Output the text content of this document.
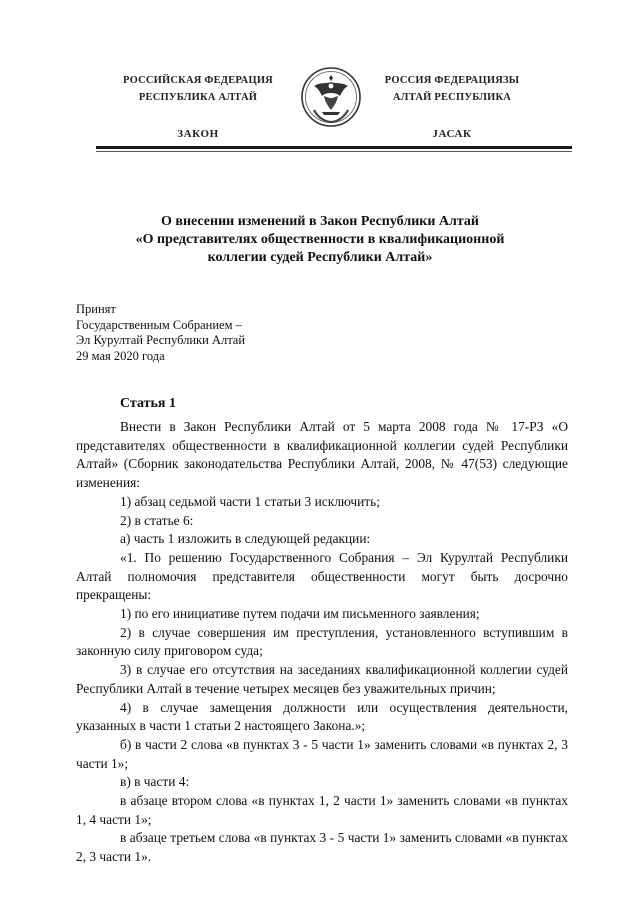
РОССИЙСКАЯ ФЕДЕРАЦИЯ
РЕСПУБЛИКА АЛТАЙ
ЗАКОН
РОССИЯ ФЕДЕРАЦИЯЗЫ
АЛТАЙ РЕСПУБЛИКА
JАСАК
О внесении изменений в Закон Республики Алтай
«О представителях общественности в квалификационной
коллегии судей Республики Алтай»
Принят
Государственным Собранием –
Эл Курултай Республики Алтай
29 мая 2020 года
Статья 1

Внести в Закон Республики Алтай от 5 марта 2008 года № 17-РЗ «О представителях общественности в квалификационной коллегии судей Республики Алтай» (Сборник законодательства Республики Алтай, 2008, № 47(53) следующие изменения:

1) абзац седьмой части 1 статьи 3 исключить;

2) в статье 6:

а) часть 1 изложить в следующей редакции:

«1. По решению Государственного Собрания – Эл Курултай Республики Алтай полномочия представителя общественности могут быть досрочно прекращены:

1) по его инициативе путем подачи им письменного заявления;

2) в случае совершения им преступления, установленного вступившим в законную силу приговором суда;

3) в случае его отсутствия на заседаниях квалификационной коллегии судей Республики Алтай в течение четырех месяцев без уважительных причин;

4) в случае замещения должности или осуществления деятельности, указанных в части 1 статьи 2 настоящего Закона.»;

б) в части 2 слова «в пунктах 3 - 5 части 1» заменить словами «в пунктах 2, 3 части 1»;

в) в части 4:

в абзаце втором слова «в пунктах 1, 2 части 1» заменить словами «в пунктах 1, 4 части 1»;

в абзаце третьем слова «в пунктах 3 - 5 части 1» заменить словами «в пунктах 2, 3 части 1».
